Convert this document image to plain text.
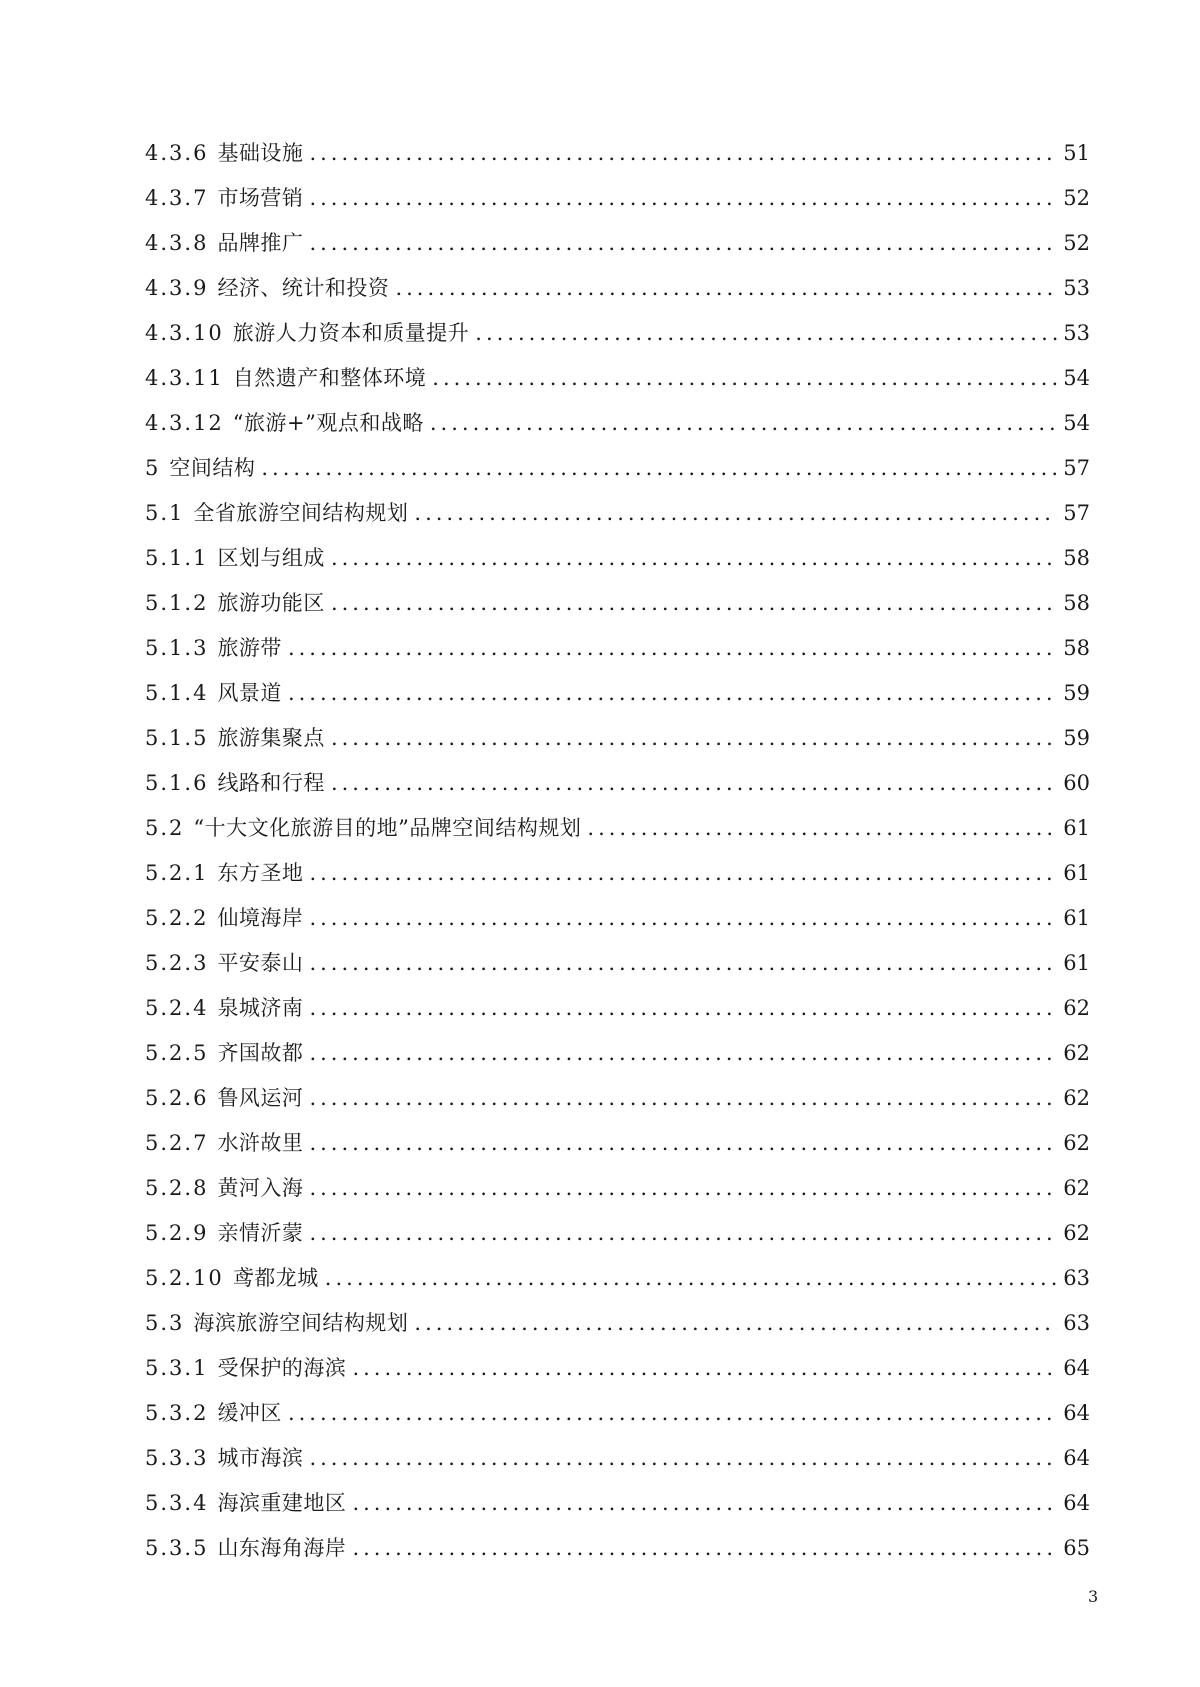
4.3.6 基础设施 .....	51
4.3.7 市场营销 .....	52
4.3.8 品牌推广 .....	52
4.3.9 经济、统计和投资 .....	53
4.3.10 旅游人力资本和质量提升 .....	53
4.3.11 自然遗产和整体环境 .....	54
4.3.12 “旅游+”观点和战略 .....	54
5 空间结构 .....	57
5.1 全省旅游空间结构规划 .....	57
5.1.1 区划与组成 .....	58
5.1.2 旅游功能区 .....	58
5.1.3 旅游带 .....	58
5.1.4 风景道 .....	59
5.1.5 旅游集聚点 .....	59
5.1.6 线路和行程 .....	60
5.2 “十大文化旅游目的地”品牌空间结构规划 .....	61
5.2.1 东方圣地 .....	61
5.2.2 仙境海岸 .....	61
5.2.3 平安泰山 .....	61
5.2.4 泉城济南 .....	62
5.2.5 齐国故都 .....	62
5.2.6 鲁风运河 .....	62
5.2.7 水浒故里 .....	62
5.2.8 黄河入海 .....	62
5.2.9 亲情沂蒙 .....	62
5.2.10 鸢都龙城 .....	63
5.3 海滨旅游空间结构规划 .....	63
5.3.1 受保护的海滨 .....	64
5.3.2 缓冲区 .....	64
5.3.3 城市海滨 .....	64
5.3.4 海滨重建地区 .....	64
5.3.5 山东海角海岸 .....	65
3
